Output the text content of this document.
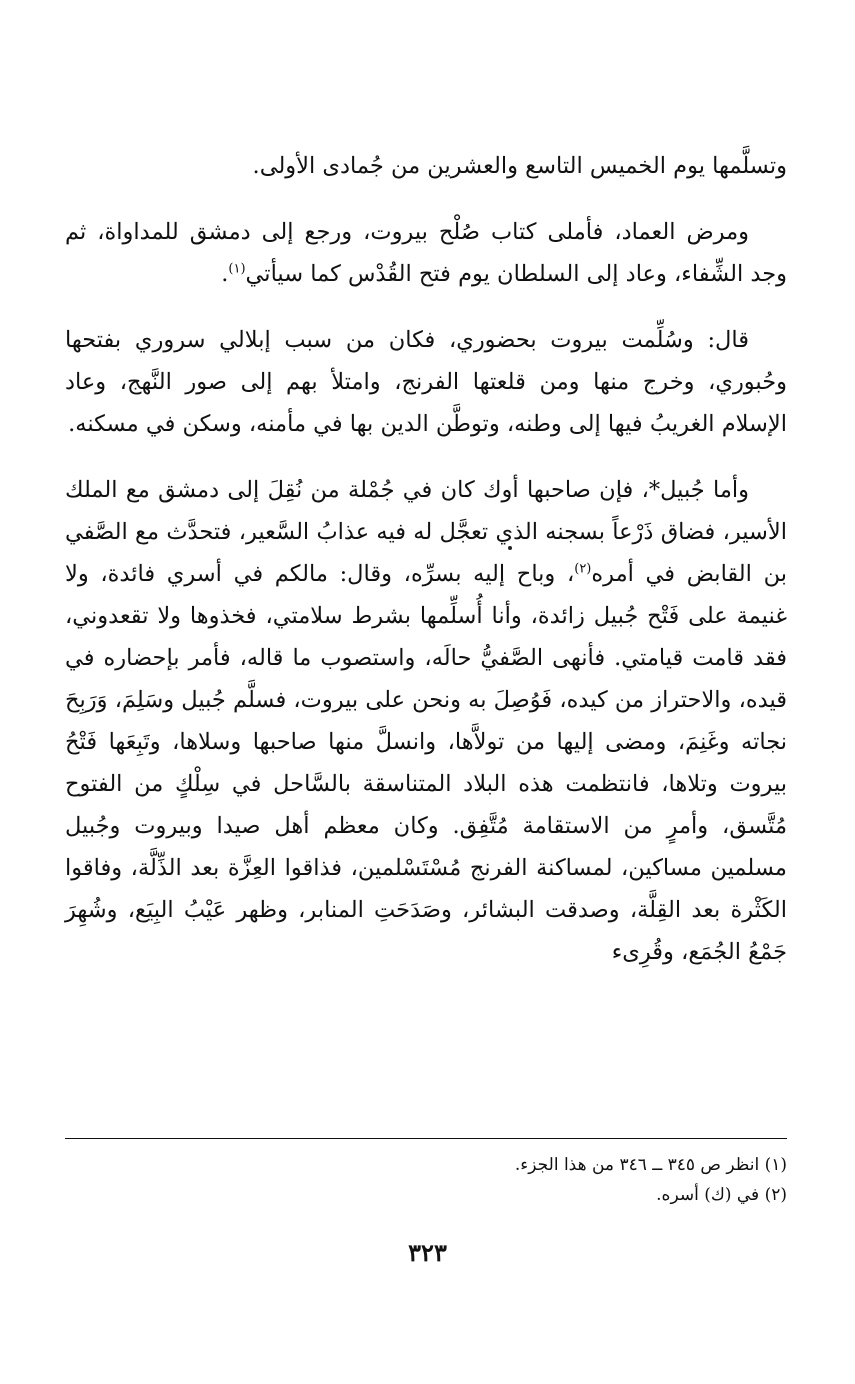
وتسلَّمها يوم الخميس التاسع والعشرين من جُمادى الأولى.

ومرض العماد، فأملى كتاب صُلْح بيروت، ورجع إلى دمشق للمداواة، ثم وجد الشِّفاء، وعاد إلى السلطان يوم فتح القُدْس كما سيأتي$^{(١)}$.

قال: وسُلِّمت بيروت بحضوري، فكان من سبب إبلالي سروري بفتحها وحُبوري، وخرج منها ومن قلعتها الفرنج، وامتلأ بهم إلى صور النَّهج، وعاد الإسلام الغريبُ فيها إلى وطنه، وتوطَّن الدين بها في مأمنه، وسكن في مسكنه.

وأما جُبيل*، فإن صاحبها أوك كان في جُمْلة من نُقِلَ إلى دمشق مع الملك الأسير، فضاق ذَرْعاً بسجنه الذي تعجَّل له فيه عذابُ السَّعير، فتحدَّث مع الصَّفي بن القابض في أمره$^{(٢)}$، وباح إليه بسرِّه، وقال: مالكم في أسري فائدة، ولا غنيمة على فَتْح جُبيل زائدة، وأنا أُسلِّمها بشرط سلامتي، فخذوها ولا تقعدوني، فقد قامت قيامتي. فأنهى الصَّفيُّ حالَه، واستصوب ما قاله، فأمر بإحضاره في قيده، والاحتراز من كيده، فَوُصِلَ به ونحن على بيروت، فسلَّم جُبيل وسَلِمَ، وَرَبِحَ نجاته وغَنِمَ، ومضى إليها من تولاَّها، وانسلَّ منها صاحبها وسلاها، وتَبِعَها فَتْحُ بيروت وتلاها، فانتظمت هذه البلاد المتناسقة بالسَّاحل في سِلْكٍ من الفتوح مُتَّسق، وأمرٍ من الاستقامة مُتَّفِق. وكان معظم أهل صيدا وبيروت وجُبيل مسلمين مساكين، لمساكنة الفرنج مُسْتَسْلمين، فذاقوا العِزَّة بعد الذِّلَّة، وفاقوا الكَثْرة بعد القِلَّة، وصدقت البشائر، وصَدَحَتِ المنابر، وظهر عَيْبُ البِيَع، وشُهِرَ جَمْعُ الجُمَع، وقُرِىء

(١) انظر ص ٣٤٥ ــ ٣٤٦ من هذا الجزء.
(٢) في (ك) أسره.
٣٢٣
